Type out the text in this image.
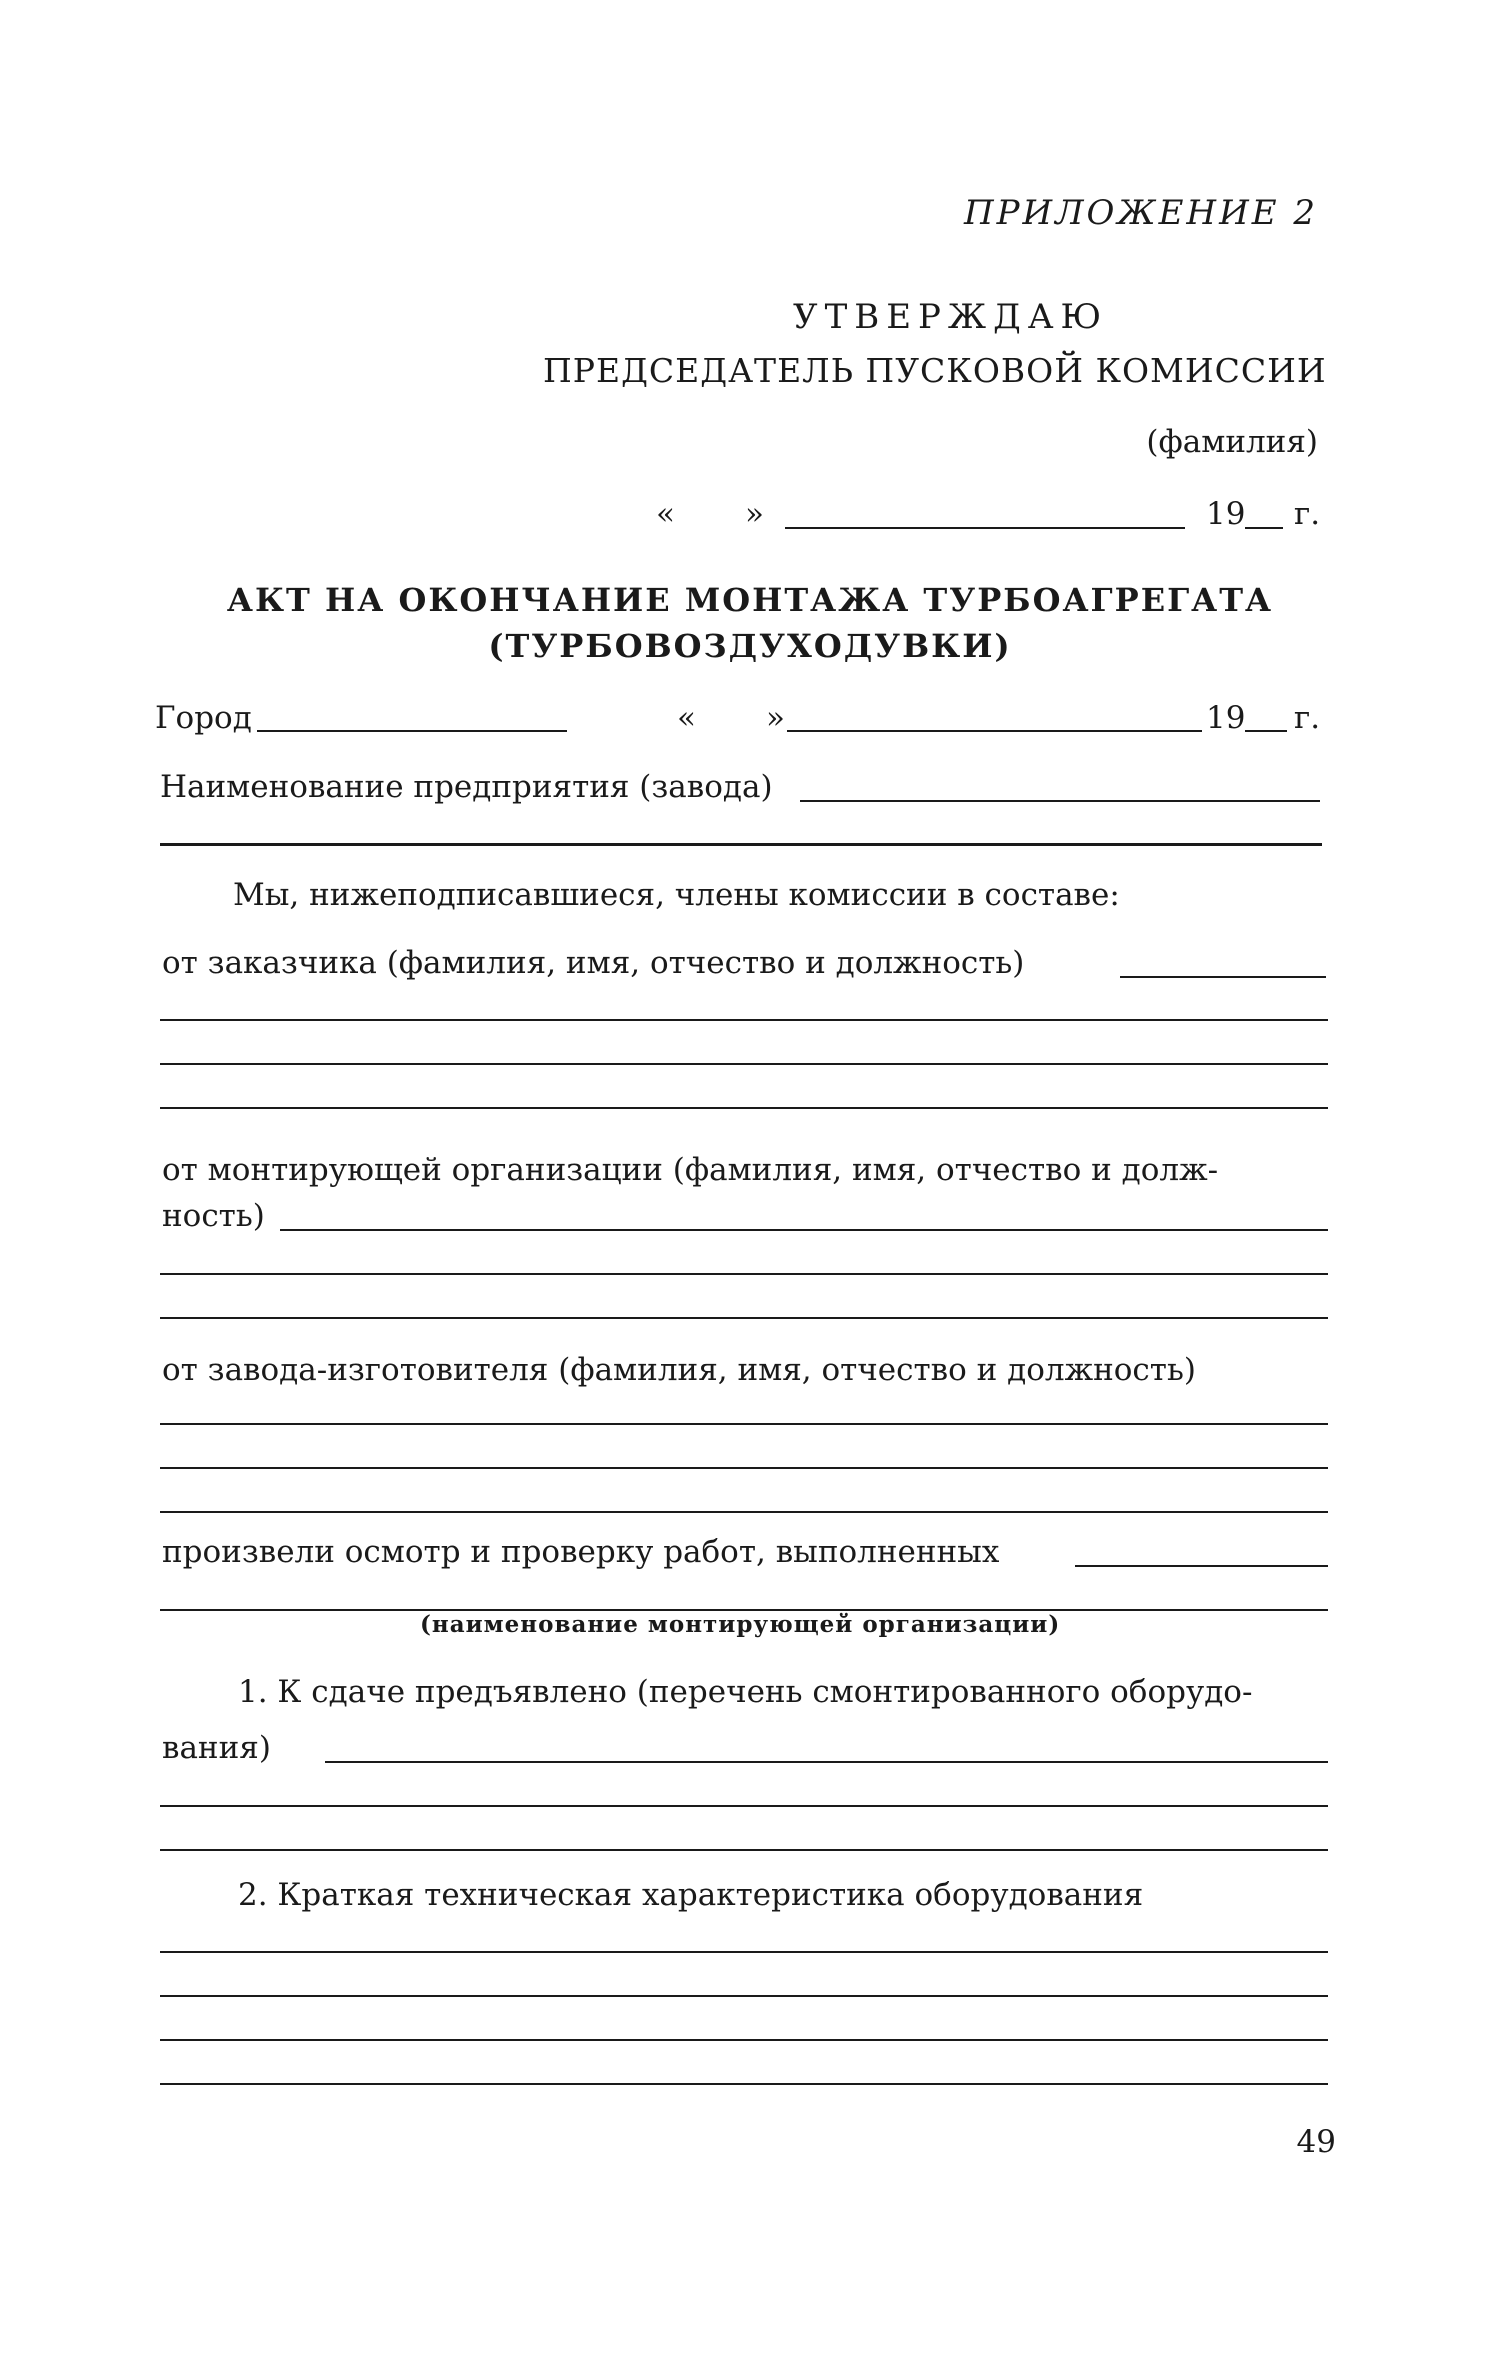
ПРИЛОЖЕНИЕ 2
УТВЕРЖДАЮ
ПРЕДСЕДАТЕЛЬ ПУСКОВОЙ КОМИССИИ
(фамилия)
« »	19 г.
АКТ НА ОКОНЧАНИЕ МОНТАЖА ТУРБОАГРЕГАТА
(ТУРБОВОЗДУХОДУВКИ)
Город	« »	19 г.
Наименование предприятия (завода)
Мы, нижеподписавшиеся, члены комиссии в составе:
от заказчика (фамилия, имя, отчество и должность)
от монтирующей организации (фамилия, имя, отчество и долж-
ность)
от завода-изготовителя (фамилия, имя, отчество и должность)
произвели осмотр и проверку работ, выполненных
(наименование монтирующей организации)
1. К сдаче предъявлено (перечень смонтированного оборудо-
вания)
2. Краткая техническая характеристика оборудования
49
